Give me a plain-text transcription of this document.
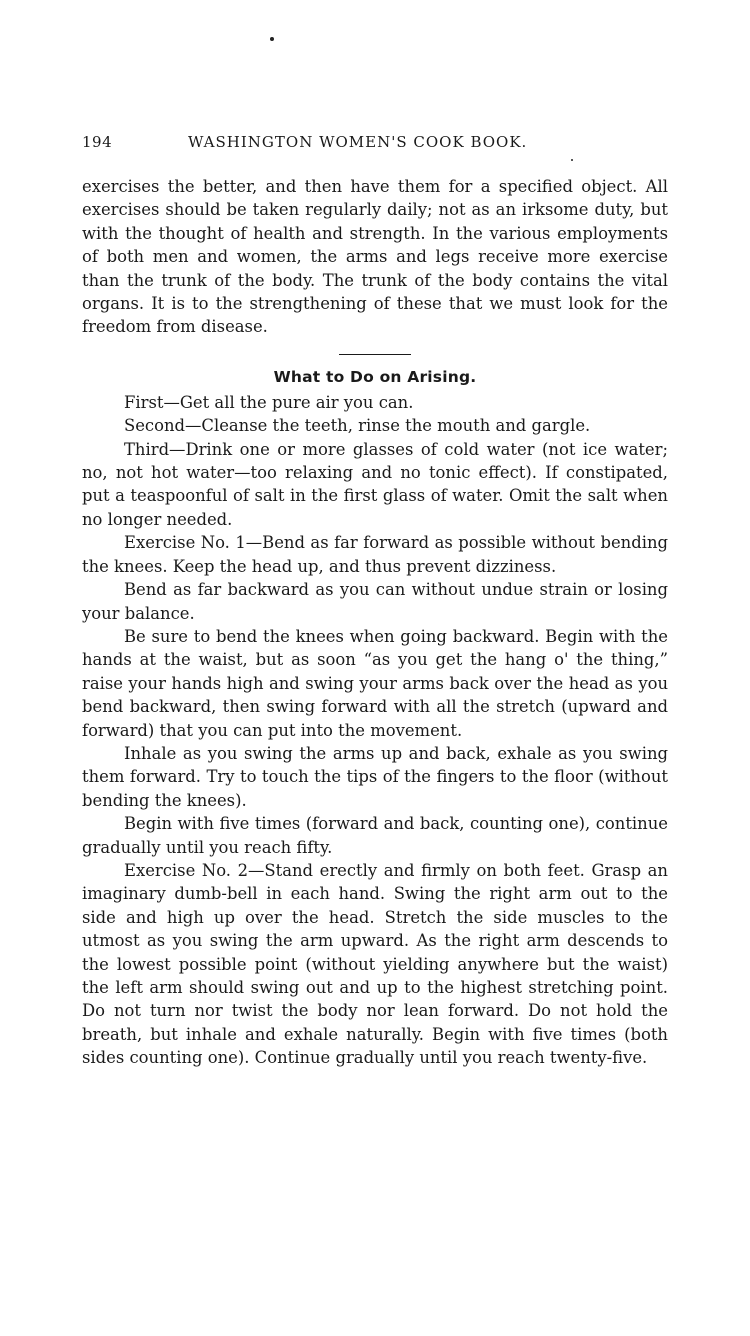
194	WASHINGTON WOMEN'S COOK BOOK.

exercises the better, and then have them for a specified object. All exercises should be taken regularly daily; not as an irksome duty, but with the thought of health and strength. In the various employments of both men and women, the arms and legs receive more exercise than the trunk of the body. The trunk of the body contains the vital organs. It is to the strengthening of these that we must look for the freedom from disease.

What to Do on Arising.

First—Get all the pure air you can.

Second—Cleanse the teeth, rinse the mouth and gargle.

Third—Drink one or more glasses of cold water (not ice water; no, not hot water—too relaxing and no tonic effect). If constipated, put a teaspoonful of salt in the first glass of water. Omit the salt when no longer needed.

Exercise No. 1—Bend as far forward as possible without bending the knees. Keep the head up, and thus prevent dizziness.

Bend as far backward as you can without undue strain or losing your balance.

Be sure to bend the knees when going backward. Begin with the hands at the waist, but as soon “as you get the hang o' the thing,” raise your hands high and swing your arms back over the head as you bend backward, then swing forward with all the stretch (upward and forward) that you can put into the movement.

Inhale as you swing the arms up and back, exhale as you swing them forward. Try to touch the tips of the fingers to the floor (without bending the knees).

Begin with five times (forward and back, counting one), continue gradually until you reach fifty.

Exercise No. 2—Stand erectly and firmly on both feet. Grasp an imaginary dumb-bell in each hand. Swing the right arm out to the side and high up over the head. Stretch the side muscles to the utmost as you swing the arm upward. As the right arm descends to the lowest possible point (without yielding anywhere but the waist) the left arm should swing out and up to the highest stretching point. Do not turn nor twist the body nor lean forward. Do not hold the breath, but inhale and exhale naturally. Begin with five times (both sides counting one). Continue gradually until you reach twenty-five.
